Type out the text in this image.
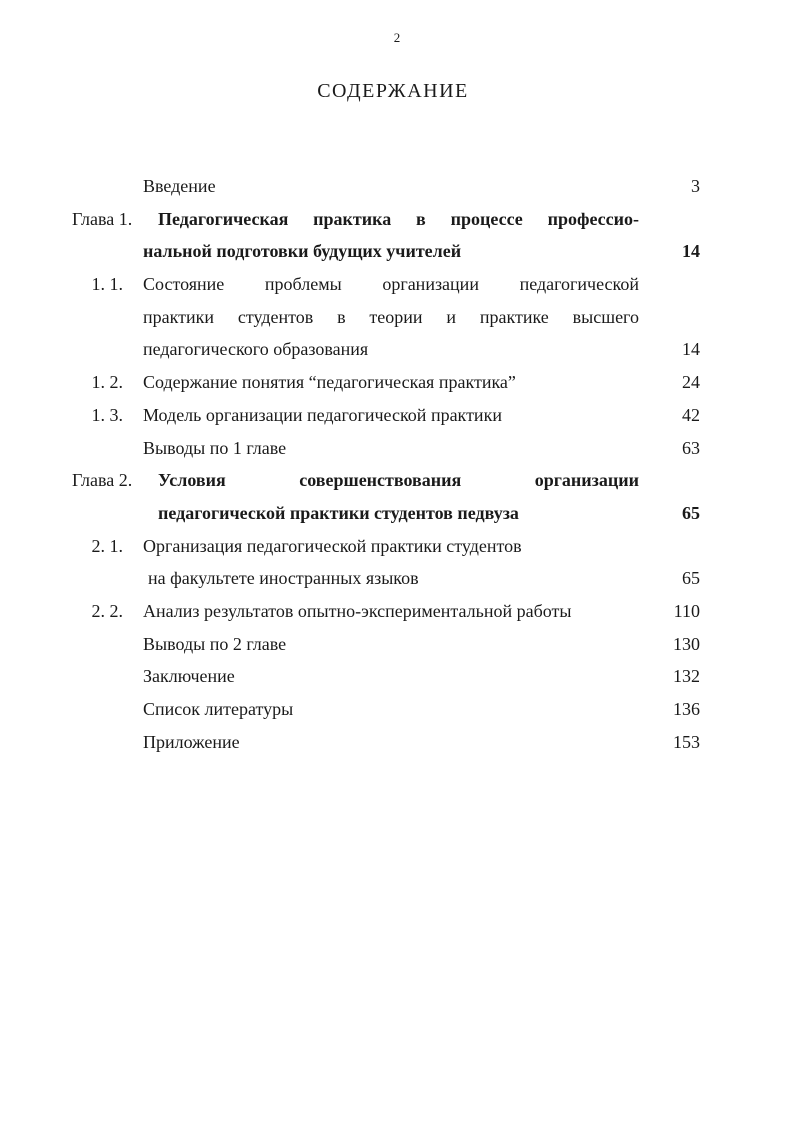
2
СОДЕРЖАНИЕ
Введение	3
Глава 1. Педагогическая практика в процессе профессио-
нальной подготовки будущих учителей	14
1. 1. Состояние проблемы организации педагогической
практики студентов в теории и практике высшего
педагогического образования	14
1. 2. Содержание понятия “педагогическая практика”	24
1. 3. Модель организации педагогической практики	42
Выводы по 1 главе	63
Глава 2. Условия совершенствования организации
педагогической практики студентов педвуза	65
2. 1. Организация педагогической практики студентов
на факультете иностранных языков	65
2. 2. Анализ результатов опытно-экспериментальной работы	110
Выводы по 2 главе	130
Заключение	132
Список литературы	136
Приложение	153
